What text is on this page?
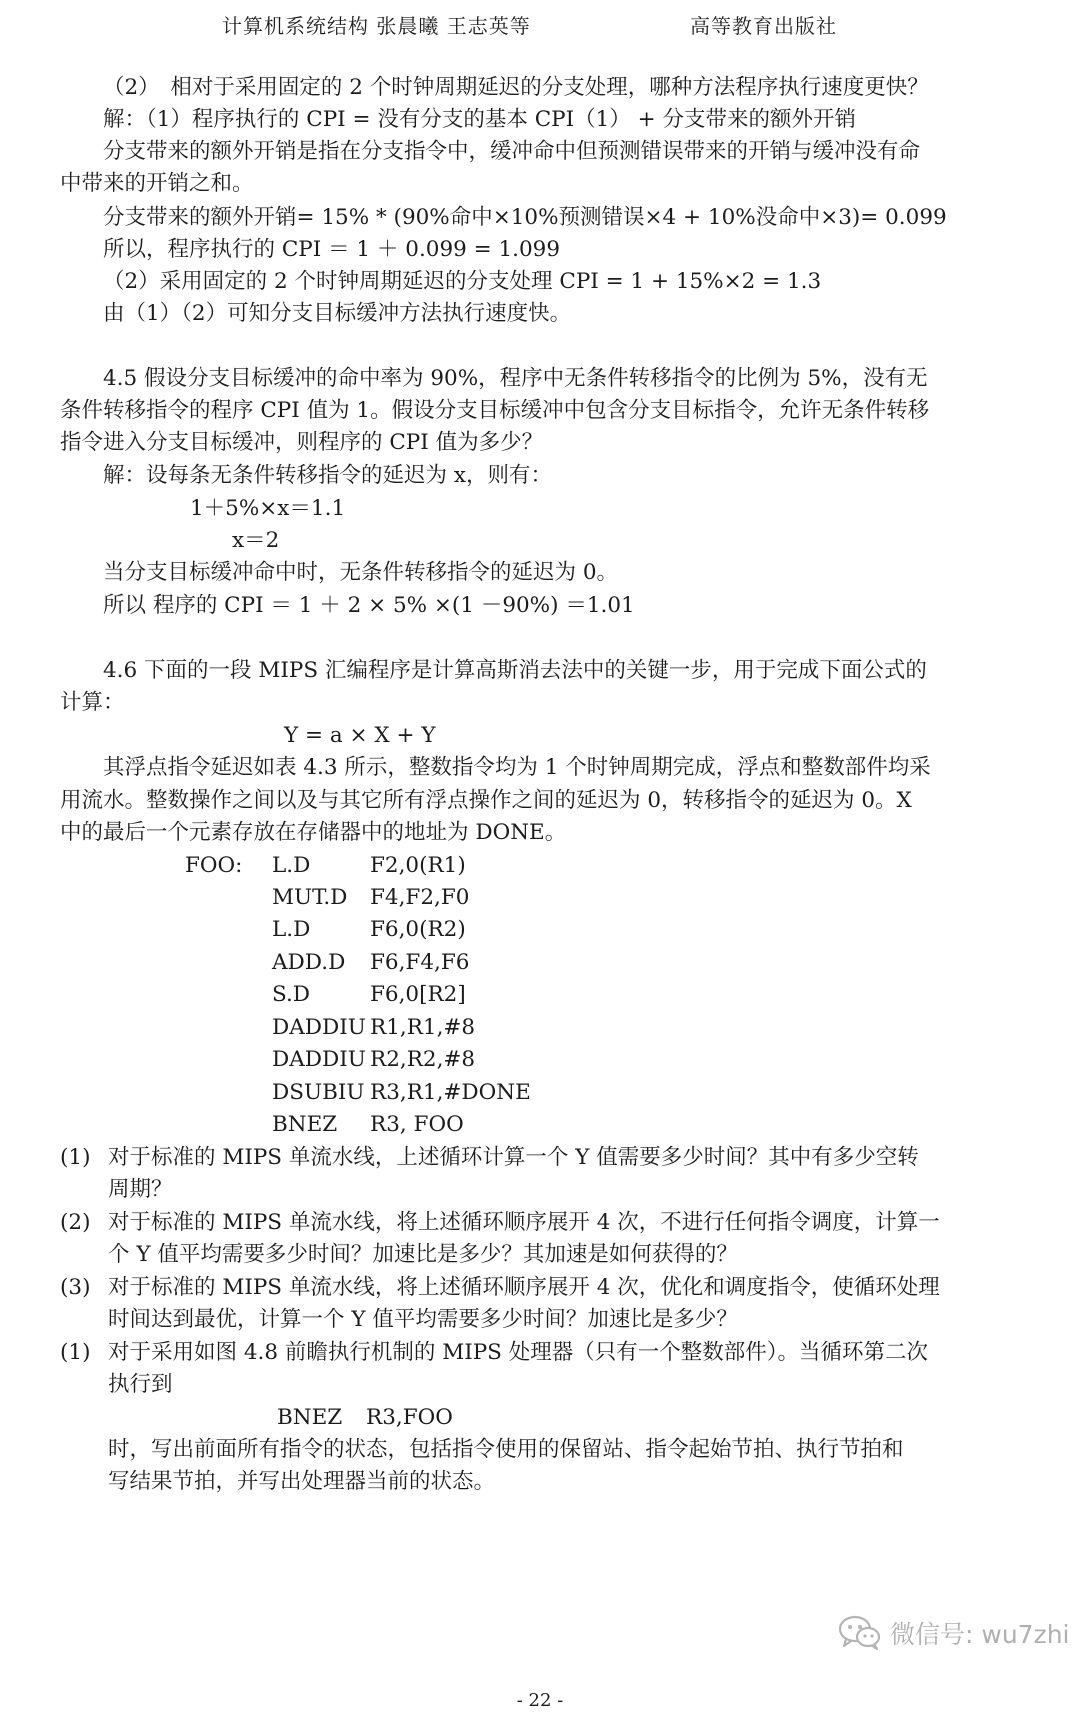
计算机系统结构 张晨曦 王志英等	高等教育出版社
（2）　相对于采用固定的 2 个时钟周期延迟的分支处理，哪种方法程序执行速度更快？
解：（1）程序执行的 CPI = 没有分支的基本 CPI（1） + 分支带来的额外开销
分支带来的额外开销是指在分支指令中，缓冲命中但预测错误带来的开销与缓冲没有命
中带来的开销之和。
分支带来的额外开销= 15% * (90%命中×10%预测错误×4 + 10%没命中×3)= 0.099
所以，程序执行的 CPI ＝ 1 ＋ 0.099 = 1.099
（2）采用固定的 2 个时钟周期延迟的分支处理 CPI = 1 + 15%×2 = 1.3
由（1）（2）可知分支目标缓冲方法执行速度快。
4.5 假设分支目标缓冲的命中率为 90%，程序中无条件转移指令的比例为 5%，没有无
条件转移指令的程序 CPI 值为 1。假设分支目标缓冲中包含分支目标指令，允许无条件转移
指令进入分支目标缓冲，则程序的 CPI 值为多少？
解：设每条无条件转移指令的延迟为 x，则有：
1＋5%×x＝1.1
x＝2
当分支目标缓冲命中时，无条件转移指令的延迟为 0。
所以 程序的 CPI ＝ 1 ＋ 2 × 5% ×(1 －90%) ＝1.01
4.6 下面的一段 MIPS 汇编程序是计算高斯消去法中的关键一步，用于完成下面公式的
计算：
Y = a × X + Y
其浮点指令延迟如表 4.3 所示，整数指令均为 1 个时钟周期完成，浮点和整数部件均采
用流水。整数操作之间以及与其它所有浮点操作之间的延迟为 0，转移指令的延迟为 0。X
中的最后一个元素存放在存储器中的地址为 DONE。
FOO: L.D	F2,0(R1)
MUT.D F4,F2,F0
L.D	F6,0(R2)
ADD.D F6,F4,F6
S.D	F6,0[R2]
DADDIU R1,R1,#8
DADDIU R2,R2,#8
DSUBIU R3,R1,#DONE
BNEZ R3, FOO
(1) 对于标准的 MIPS 单流水线，上述循环计算一个 Y 值需要多少时间？其中有多少空转
周期？
(2) 对于标准的 MIPS 单流水线，将上述循环顺序展开 4 次，不进行任何指令调度，计算一
个 Y 值平均需要多少时间？加速比是多少？其加速是如何获得的？
(3) 对于标准的 MIPS 单流水线，将上述循环顺序展开 4 次，优化和调度指令，使循环处理
时间达到最优，计算一个 Y 值平均需要多少时间？加速比是多少？
(1) 对于采用如图 4.8 前瞻执行机制的 MIPS 处理器（只有一个整数部件）。当循环第二次
执行到
BNEZ R3,FOO
时，写出前面所有指令的状态，包括指令使用的保留站、指令起始节拍、执行节拍和
写结果节拍，并写出处理器当前的状态。
微信号: wu7zhi
- 22 -
